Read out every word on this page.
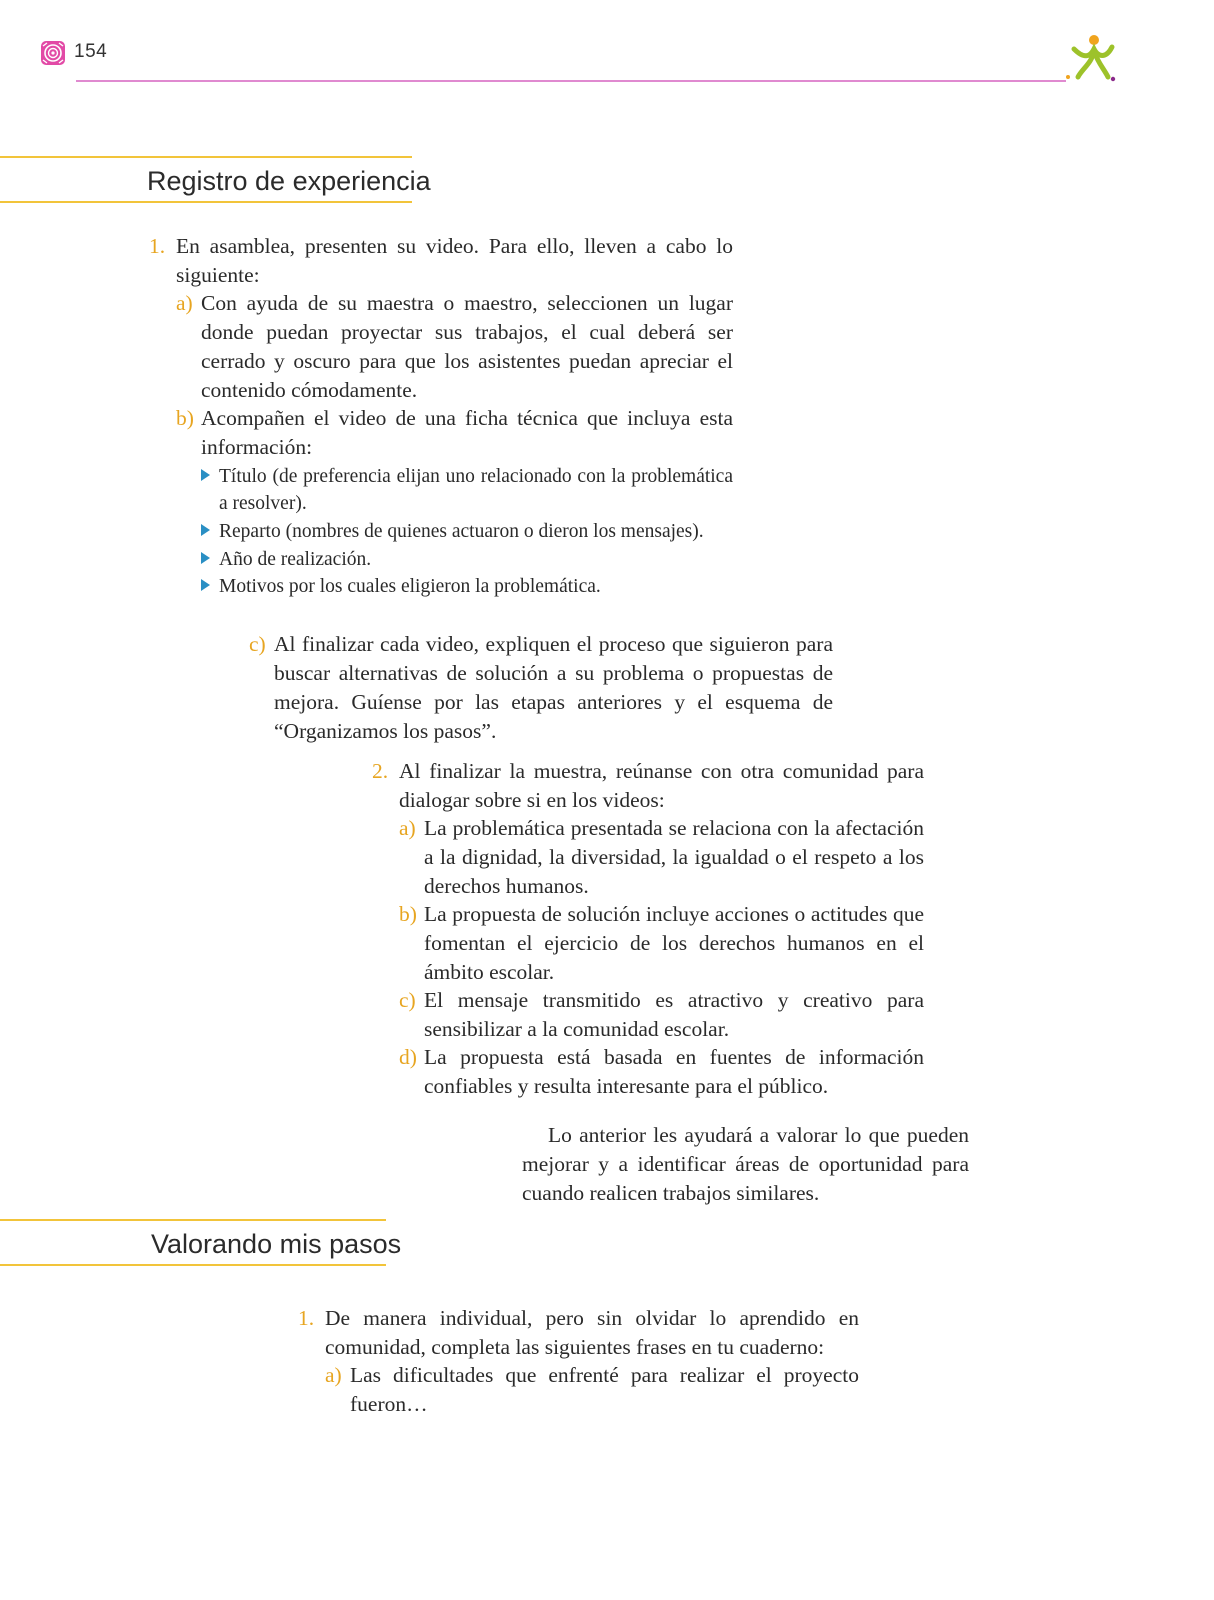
154
Registro de experiencia
1. En asamblea, presenten su video. Para ello, lleven a cabo lo siguiente:
a) Con ayuda de su maestra o maestro, seleccionen un lugar donde puedan proyectar sus trabajos, el cual deberá ser cerrado y oscuro para que los asistentes puedan apreciar el contenido cómodamente.
b) Acompañen el video de una ficha técnica que incluya esta información:
Título (de preferencia elijan uno relacionado con la problemática a resolver).
Reparto (nombres de quienes actuaron o dieron los mensajes).
Año de realización.
Motivos por los cuales eligieron la problemática.
c) Al finalizar cada video, expliquen el proceso que siguieron para buscar alternativas de solución a su problema o propuestas de mejora. Guíense por las etapas anteriores y el esquema de “Organizamos los pasos”.
2. Al finalizar la muestra, reúnanse con otra comunidad para dialogar sobre si en los videos:
a) La problemática presentada se relaciona con la afectación a la dignidad, la diversidad, la igualdad o el respeto a los derechos humanos.
b) La propuesta de solución incluye acciones o actitudes que fomentan el ejercicio de los derechos humanos en el ámbito escolar.
c) El mensaje transmitido es atractivo y creativo para sensibilizar a la comunidad escolar.
d) La propuesta está basada en fuentes de información confiables y resulta interesante para el público.
Lo anterior les ayudará a valorar lo que pueden mejorar y a identificar áreas de oportunidad para cuando realicen trabajos similares.
Valorando mis pasos
1. De manera individual, pero sin olvidar lo aprendido en comunidad, completa las siguientes frases en tu cuaderno:
a) Las dificultades que enfrenté para realizar el proyecto fueron…
